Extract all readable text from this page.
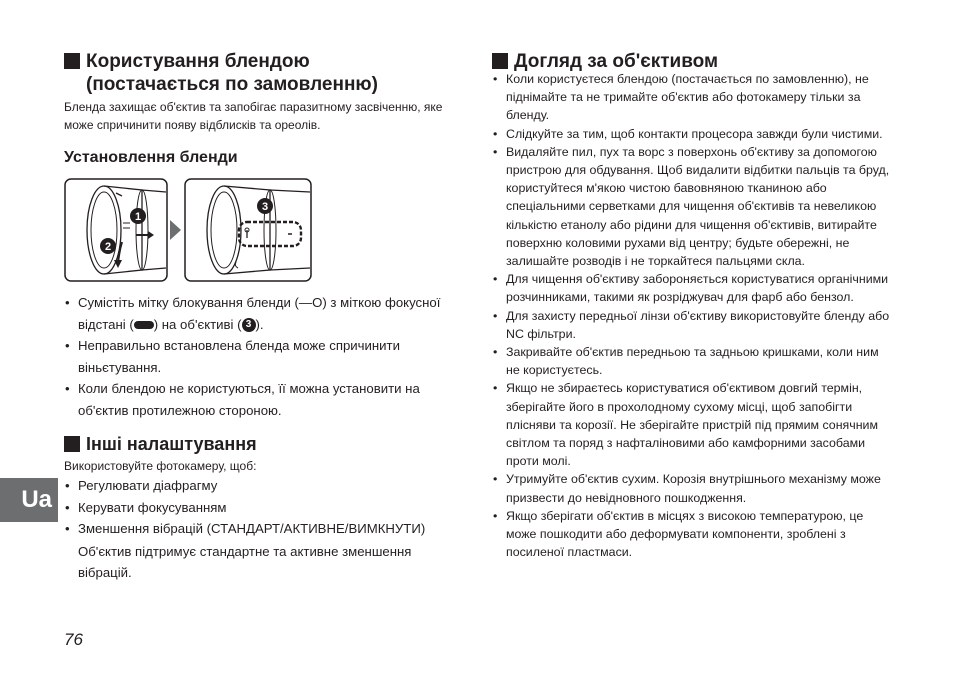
Користування блендою
(постачається по замовленню)

Бленда захищає об'єктив та запобігає паразитному засвіченню, яке може спричинити появу відблисків та ореолів.

Установлення бленди
1
2
3
• Сумістіть мітку блокування бленди (—O) з міткою фокусної відстані ( ) на об'єктиві ( 3 ).
• Неправильно встановлена бленда може спричинити віньєтування.
• Коли блендою не користуються, її можна установити на об'єктив протилежною стороною.
Інші налаштування

Використовуйте фотокамеру, щоб:

• Регулювати діафрагму
• Керувати фокусуванням
• Зменшення вібрацій (СТАНДАРТ/АКТИВНЕ/ВИМКНУТИ)
Об'єктив підтримує стандартне та активне зменшення вібрацій.
Догляд за об'єктивом
• Коли користуєтеся блендою (постачається по замовленню), не піднімайте та не тримайте об'єктив або фотокамеру тільки за бленду.
• Слідкуйте за тим, щоб контакти процесора завжди були чистими.
• Видаляйте пил, пух та ворс з поверхонь об'єктиву за допомогою пристрою для обдування. Щоб видалити відбитки пальців та бруд, користуйтеся м'якою чистою бавовняною тканиною або спеціальними серветками для чищення об'єктивів та невеликою кількістю етанолу або рідини для чищення об'єктивів, витирайте поверхню коловими рухами від центру; будьте обережні, не залишайте розводів і не торкайтеся пальцями скла.
• Для чищення об'єктиву забороняється користуватися органічними розчинниками, такими як розріджувач для фарб або бензол.
• Для захисту передньої лінзи об'єктиву використовуйте бленду або NC фільтри.
• Закривайте об'єктив передньою та задньою кришками, коли ним не користуєтесь.
• Якщо не збираєтесь користуватися об'єктивом довгий термін, зберігайте його в прохолодному сухому місці, щоб запобігти плісняви та корозії. Не зберігайте пристрій під прямим сонячним світлом та поряд з нафталіновими або камфорними засобами проти молі.
• Утримуйте об'єктив сухим. Корозія внутрішнього механізму може призвести до невідновного пошкодження.
• Якщо зберігати об'єктив в місцях з високою температурою, це може пошкодити або деформувати компоненти, зроблені з посиленої пластмаси.
Ua
76
